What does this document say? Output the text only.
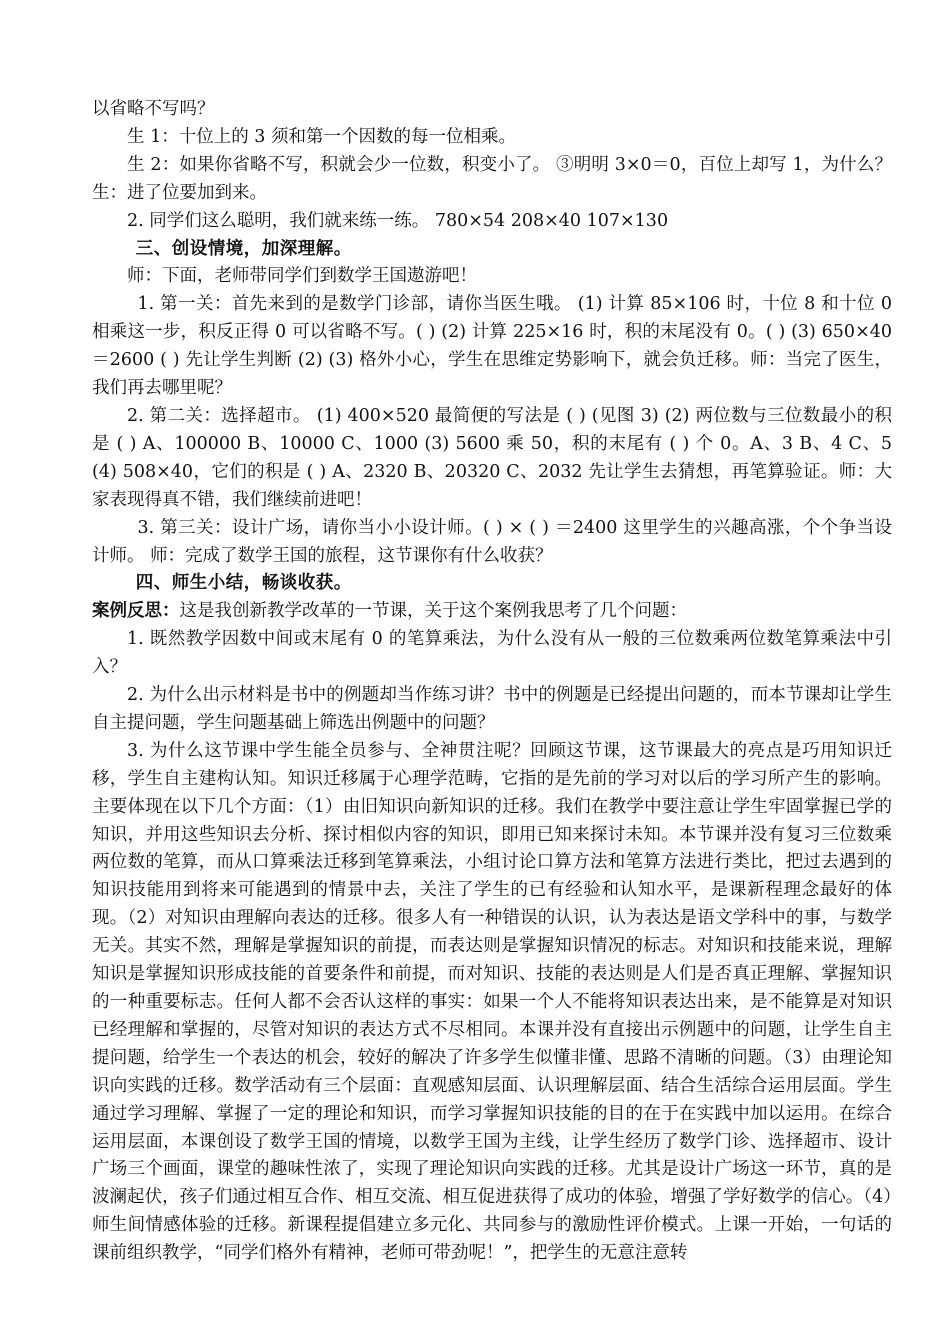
以省略不写吗？

生 1：十位上的 3 须和第一个因数的每一位相乘。

生 2：如果你省略不写，积就会少一位数，积变小了。 ③明明 3×0＝0，百位上却写 1，为什么？生：进了位要加到来。

2. 同学们这么聪明，我们就来练一练。 780×54 208×40 107×130

三、创设情境，加深理解。

师：下面，老师带同学们到数学王国遨游吧！

1. 第一关：首先来到的是数学门诊部，请你当医生哦。 (1) 计算 85×106 时，十位 8 和十位 0 相乘这一步，积反正得 0 可以省略不写。( ) (2) 计算 225×16 时，积的末尾没有 0。( ) (3) 650×40＝2600 ( ) 先让学生判断 (2) (3) 格外小心，学生在思维定势影响下，就会负迁移。师：当完了医生，我们再去哪里呢？

2. 第二关：选择超市。 (1) 400×520 最简便的写法是 ( ) (见图 3) (2) 两位数与三位数最小的积是 ( ) A、100000 B、10000 C、1000 (3) 5600 乘 50，积的末尾有 ( ) 个 0。A、3 B、4 C、5 (4) 508×40，它们的积是 ( ) A、2320 B、20320 C、2032 先让学生去猜想，再笔算验证。师：大家表现得真不错，我们继续前进吧！

3. 第三关：设计广场，请你当小小设计师。( ) × ( ) ＝2400 这里学生的兴趣高涨，个个争当设计师。 师：完成了数学王国的旅程，这节课你有什么收获？

四、师生小结，畅谈收获。

案例反思：这是我创新教学改革的一节课，关于这个案例我思考了几个问题：

1. 既然教学因数中间或末尾有 0 的笔算乘法，为什么没有从一般的三位数乘两位数笔算乘法中引入？

2. 为什么出示材料是书中的例题却当作练习讲？书中的例题是已经提出问题的，而本节课却让学生自主提问题，学生问题基础上筛选出例题中的问题？

3. 为什么这节课中学生能全员参与、全神贯注呢？回顾这节课，这节课最大的亮点是巧用知识迁移，学生自主建构认知。知识迁移属于心理学范畴，它指的是先前的学习对以后的学习所产生的影响。主要体现在以下几个方面：（1）由旧知识向新知识的迁移。我们在教学中要注意让学生牢固掌握已学的知识，并用这些知识去分析、探讨相似内容的知识，即用已知来探讨未知。本节课并没有复习三位数乘两位数的笔算，而从口算乘法迁移到笔算乘法，小组讨论口算方法和笔算方法进行类比，把过去遇到的知识技能用到将来可能遇到的情景中去，关注了学生的已有经验和认知水平，是课新程理念最好的体现。（2）对知识由理解向表达的迁移。很多人有一种错误的认识，认为表达是语文学科中的事，与数学无关。其实不然，理解是掌握知识的前提，而表达则是掌握知识情况的标志。对知识和技能来说，理解知识是掌握知识形成技能的首要条件和前提，而对知识、技能的表达则是人们是否真正理解、掌握知识的一种重要标志。任何人都不会否认这样的事实：如果一个人不能将知识表达出来，是不能算是对知识已经理解和掌握的，尽管对知识的表达方式不尽相同。本课并没有直接出示例题中的问题，让学生自主提问题，给学生一个表达的机会，较好的解决了许多学生似懂非懂、思路不清晰的问题。（3）由理论知识向实践的迁移。数学活动有三个层面：直观感知层面、认识理解层面、结合生活综合运用层面。学生通过学习理解、掌握了一定的理论和知识，而学习掌握知识技能的目的在于在实践中加以运用。在综合运用层面，本课创设了数学王国的情境，以数学王国为主线，让学生经历了数学门诊、选择超市、设计广场三个画面，课堂的趣味性浓了，实现了理论知识向实践的迁移。尤其是设计广场这一环节，真的是波澜起伏，孩子们通过相互合作、相互交流、相互促进获得了成功的体验，增强了学好数学的信心。（4）师生间情感体验的迁移。新课程提倡建立多元化、共同参与的激励性评价模式。上课一开始，一句话的课前组织教学，“同学们格外有精神，老师可带劲呢！”，把学生的无意注意转
